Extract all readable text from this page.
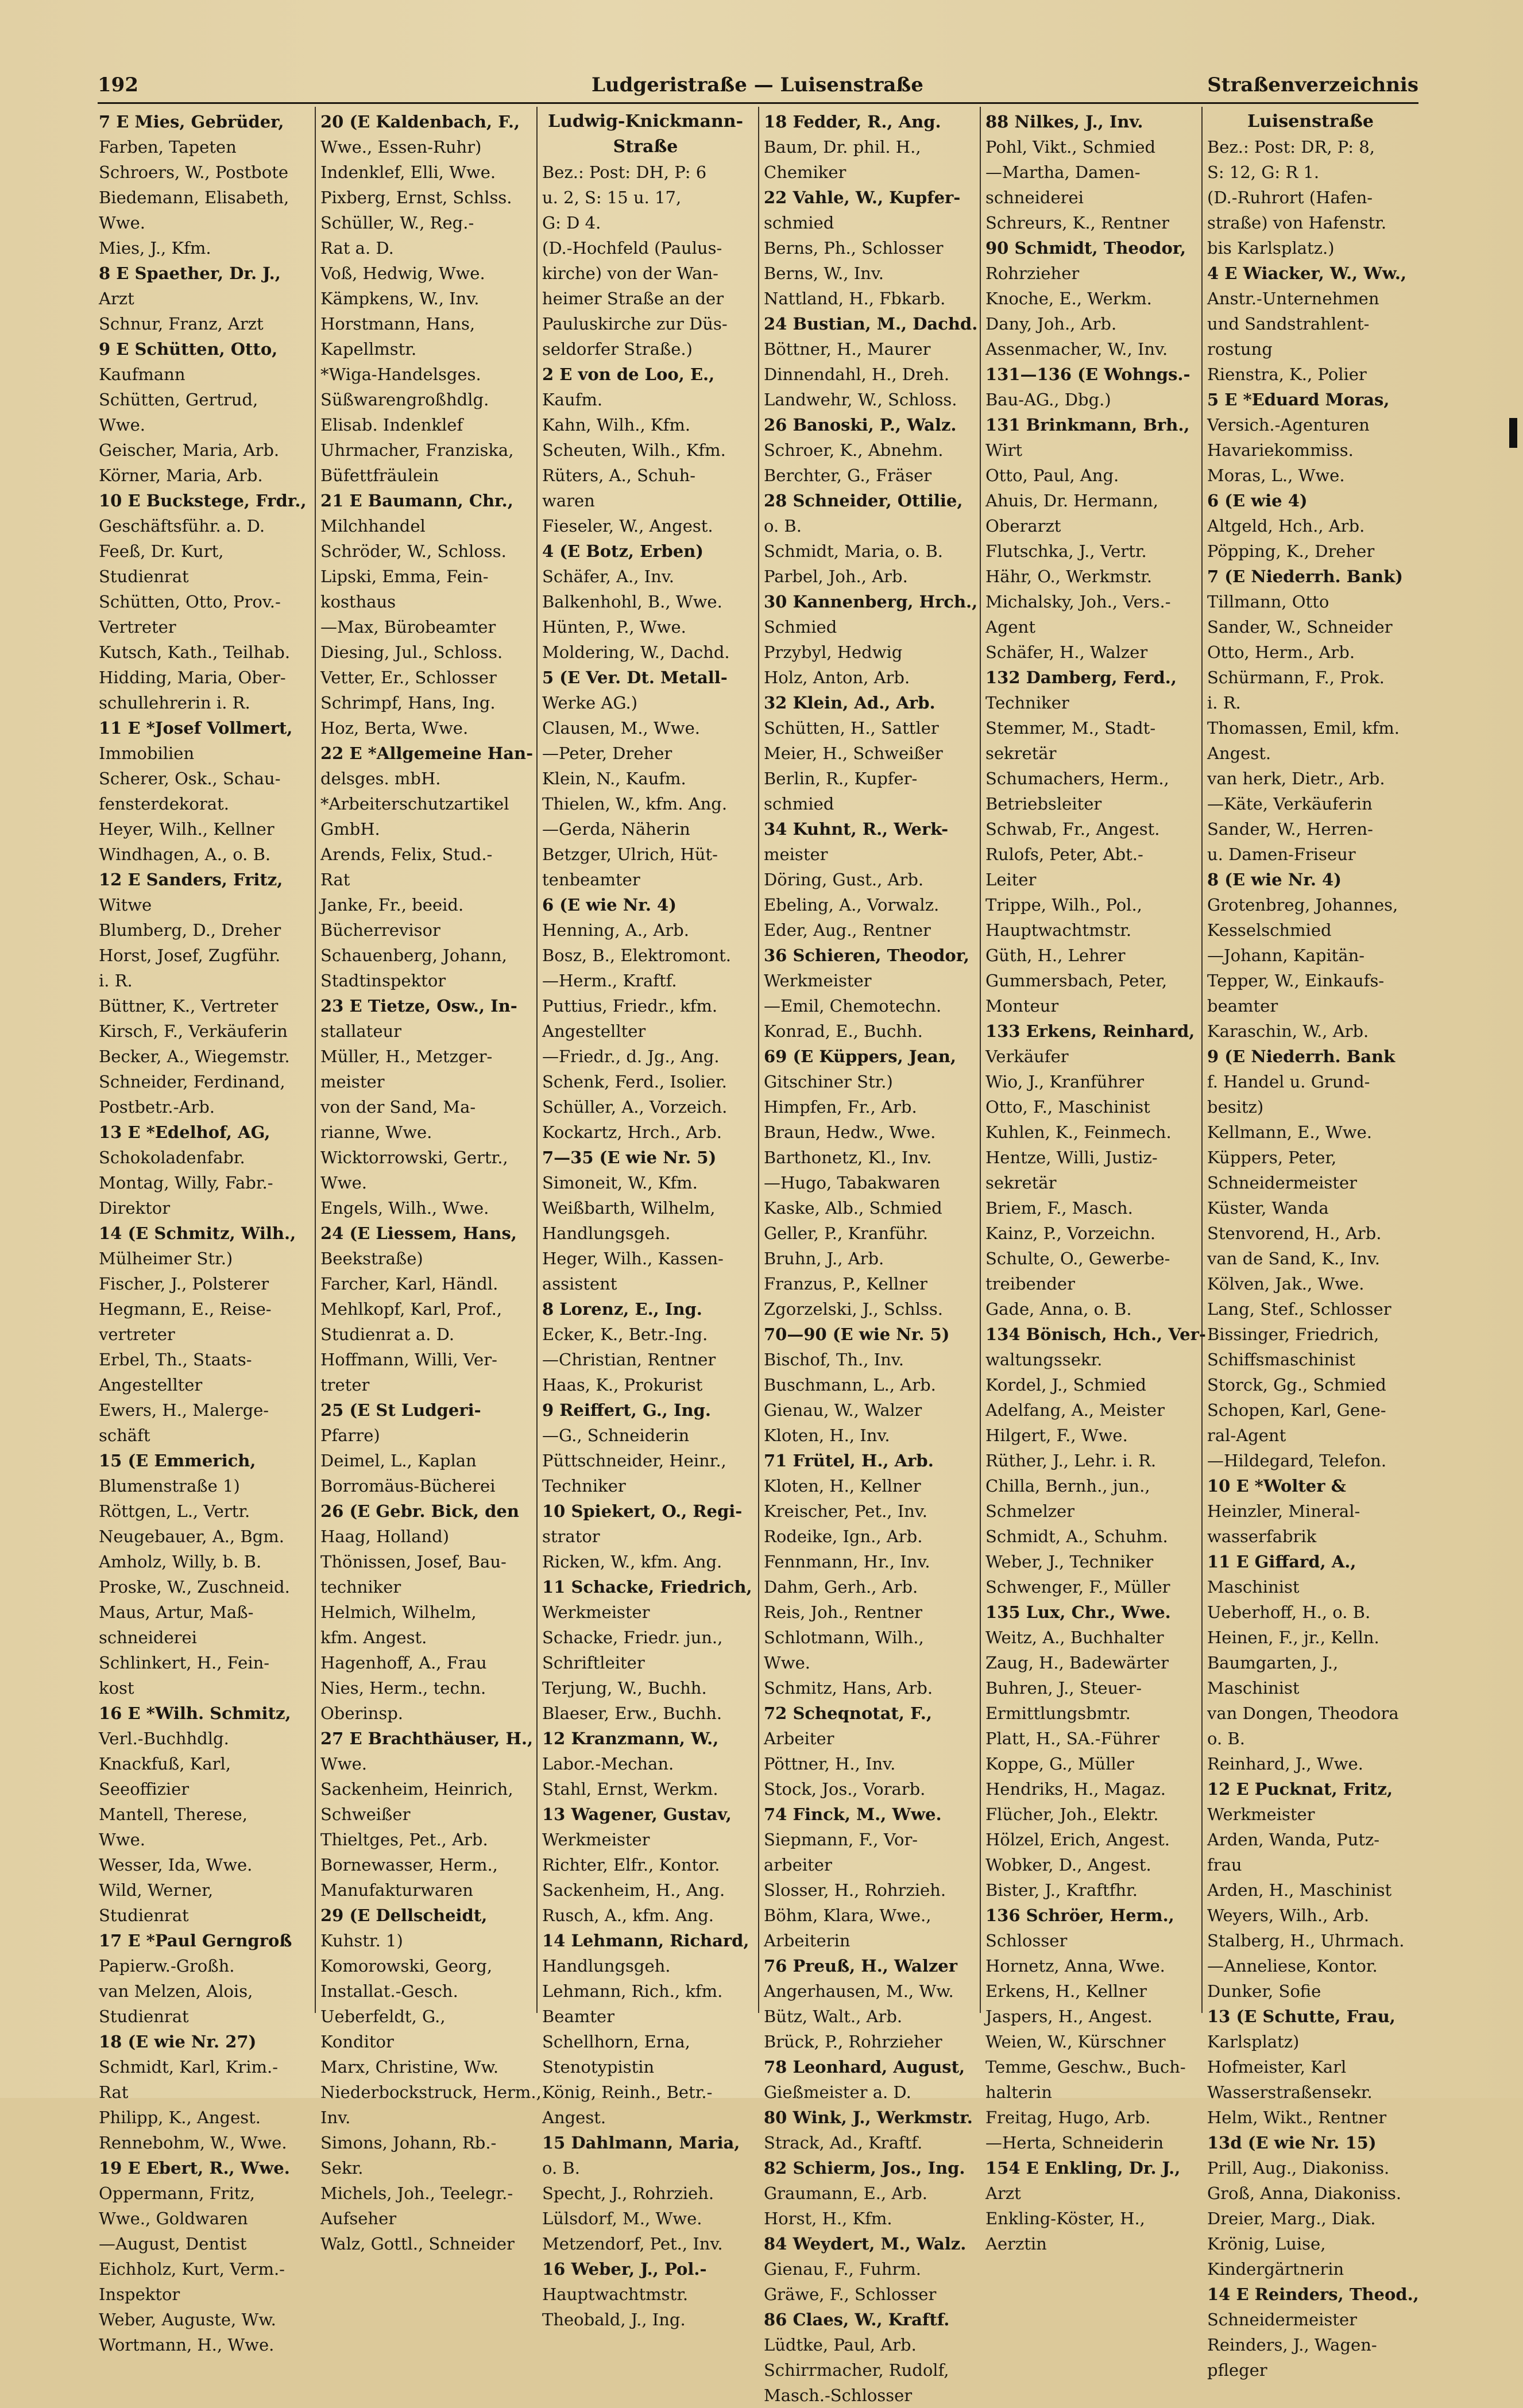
192	Ludgeristraße — Luisenstraße	Straßenverzeichnis
7 E Mies, Gebrüder,
Farben, Tapeten
Schroers, W., Postbote
Biedemann, Elisabeth,
Wwe.
Mies, J., Kfm.
8 E Spaether, Dr. J.,
Arzt
Schnur, Franz, Arzt
9 E Schütten, Otto,
Kaufmann
Schütten, Gertrud,
Wwe.
Geischer, Maria, Arb.
Körner, Maria, Arb.
10 E Buckstege, Frdr.,
Geschäftsführ. a. D.
Feeß, Dr. Kurt,
Studienrat
Schütten, Otto, Prov.-
Vertreter
Kutsch, Kath., Teilhab.
Hidding, Maria, Ober-
schullehrerin i. R.
11 E *Josef Vollmert,
Immobilien
Scherer, Osk., Schau-
fensterdekorat.
Heyer, Wilh., Kellner
Windhagen, A., o. B.
12 E Sanders, Fritz,
Witwe
Blumberg, D., Dreher
Horst, Josef, Zugführ.
i. R.
Büttner, K., Vertreter
Kirsch, F., Verkäuferin
Becker, A., Wiegemstr.
Schneider, Ferdinand,
Postbetr.-Arb.
13 E *Edelhof, AG,
Schokoladenfabr.
Montag, Willy, Fabr.-
Direktor
14 (E Schmitz, Wilh.,
Mülheimer Str.)
Fischer, J., Polsterer
Hegmann, E., Reise-
vertreter
Erbel, Th., Staats-
Angestellter
Ewers, H., Malerge-
schäft
15 (E Emmerich,
Blumenstraße 1)
Röttgen, L., Vertr.
Neugebauer, A., Bgm.
Amholz, Willy, b. B.
Proske, W., Zuschneid.
Maus, Artur, Maß-
schneiderei
Schlinkert, H., Fein-
kost
16 E *Wilh. Schmitz,
Verl.-Buchhdlg.
Knackfuß, Karl,
Seeoffizier
Mantell, Therese,
Wwe.
Wesser, Ida, Wwe.
Wild, Werner,
Studienrat
17 E *Paul Gerngroß
Papierw.-Großh.
van Melzen, Alois,
Studienrat
18 (E wie Nr. 27)
Schmidt, Karl, Krim.-
Rat
Philipp, K., Angest.
Rennebohm, W., Wwe.
19 E Ebert, R., Wwe.
Oppermann, Fritz,
Wwe., Goldwaren
—August, Dentist
Eichholz, Kurt, Verm.-
Inspektor
Weber, Auguste, Ww.
Wortmann, H., Wwe.
20 (E Kaldenbach, F.,
Wwe., Essen-Ruhr)
Indenklef, Elli, Wwe.
Pixberg, Ernst, Schlss.
Schüller, W., Reg.-
Rat a. D.
Voß, Hedwig, Wwe.
Kämpkens, W., Inv.
Horstmann, Hans,
Kapellmstr.
*Wiga-Handelsges.
Süßwarengroßhdlg.
Elisab. Indenklef
Uhrmacher, Franziska,
Büfettfräulein
21 E Baumann, Chr.,
Milchhandel
Schröder, W., Schloss.
Lipski, Emma, Fein-
kosthaus
—Max, Bürobeamter
Diesing, Jul., Schloss.
Vetter, Er., Schlosser
Schrimpf, Hans, Ing.
Hoz, Berta, Wwe.
22 E *Allgemeine Han-
delsges. mbH.
*Arbeiterschutzartikel
GmbH.
Arends, Felix, Stud.-
Rat
Janke, Fr., beeid.
Bücherrevisor
Schauenberg, Johann,
Stadtinspektor
23 E Tietze, Osw., In-
stallateur
Müller, H., Metzger-
meister
von der Sand, Ma-
rianne, Wwe.
Wicktorrowski, Gertr.,
Wwe.
Engels, Wilh., Wwe.
24 (E Liessem, Hans,
Beekstraße)
Farcher, Karl, Händl.
Mehlkopf, Karl, Prof.,
Studienrat a. D.
Hoffmann, Willi, Ver-
treter
25 (E St Ludgeri-
Pfarre)
Deimel, L., Kaplan
Borromäus-Bücherei
26 (E Gebr. Bick, den
Haag, Holland)
Thönissen, Josef, Bau-
techniker
Helmich, Wilhelm,
kfm. Angest.
Hagenhoff, A., Frau
Nies, Herm., techn.
Oberinsp.
27 E Brachthäuser, H.,
Wwe.
Sackenheim, Heinrich,
Schweißer
Thieltges, Pet., Arb.
Bornewasser, Herm.,
Manufakturwaren
29 (E Dellscheidt,
Kuhstr. 1)
Komorowski, Georg,
Installat.-Gesch.
Ueberfeldt, G.,
Konditor
Marx, Christine, Ww.
Niederbockstruck, Herm.,
Inv.
Simons, Johann, Rb.-
Sekr.
Michels, Joh., Teelegr.-
Aufseher
Walz, Gottl., Schneider
Ludwig-Knickmann-
Straße
Bez.: Post: DH, P: 6
u. 2, S: 15 u. 17,
G: D 4.
(D.-Hochfeld (Paulus-
kirche) von der Wan-
heimer Straße an der
Pauluskirche zur Düs-
seldorfer Straße.)
2 E von de Loo, E.,
Kaufm.
Kahn, Wilh., Kfm.
Scheuten, Wilh., Kfm.
Rüters, A., Schuh-
waren
Fieseler, W., Angest.
4 (E Botz, Erben)
Schäfer, A., Inv.
Balkenhohl, B., Wwe.
Hünten, P., Wwe.
Moldering, W., Dachd.
5 (E Ver. Dt. Metall-
Werke AG.)
Clausen, M., Wwe.
—Peter, Dreher
Klein, N., Kaufm.
Thielen, W., kfm. Ang.
—Gerda, Näherin
Betzger, Ulrich, Hüt-
tenbeamter
6 (E wie Nr. 4)
Henning, A., Arb.
Bosz, B., Elektromont.
—Herm., Kraftf.
Puttius, Friedr., kfm.
Angestellter
—Friedr., d. Jg., Ang.
Schenk, Ferd., Isolier.
Schüller, A., Vorzeich.
Kockartz, Hrch., Arb.
7—35 (E wie Nr. 5)
Simoneit, W., Kfm.
Weißbarth, Wilhelm,
Handlungsgeh.
Heger, Wilh., Kassen-
assistent
8 Lorenz, E., Ing.
Ecker, K., Betr.-Ing.
—Christian, Rentner
Haas, K., Prokurist
9 Reiffert, G., Ing.
—G., Schneiderin
Püttschneider, Heinr.,
Techniker
10 Spiekert, O., Regi-
strator
Ricken, W., kfm. Ang.
11 Schacke, Friedrich,
Werkmeister
Schacke, Friedr. jun.,
Schriftleiter
Terjung, W., Buchh.
Blaeser, Erw., Buchh.
12 Kranzmann, W.,
Labor.-Mechan.
Stahl, Ernst, Werkm.
13 Wagener, Gustav,
Werkmeister
Richter, Elfr., Kontor.
Sackenheim, H., Ang.
Rusch, A., kfm. Ang.
14 Lehmann, Richard,
Handlungsgeh.
Lehmann, Rich., kfm.
Beamter
Schellhorn, Erna,
Stenotypistin
König, Reinh., Betr.-
Angest.
15 Dahlmann, Maria,
o. B.
Specht, J., Rohrzieh.
Lülsdorf, M., Wwe.
Metzendorf, Pet., Inv.
16 Weber, J., Pol.-
Hauptwachtmstr.
Theobald, J., Ing.
18 Fedder, R., Ang.
Baum, Dr. phil. H.,
Chemiker
22 Vahle, W., Kupfer-
schmied
Berns, Ph., Schlosser
Berns, W., Inv.
Nattland, H., Fbkarb.
24 Bustian, M., Dachd.
Böttner, H., Maurer
Dinnendahl, H., Dreh.
Landwehr, W., Schloss.
26 Banoski, P., Walz.
Schroer, K., Abnehm.
Berchter, G., Fräser
28 Schneider, Ottilie,
o. B.
Schmidt, Maria, o. B.
Parbel, Joh., Arb.
30 Kannenberg, Hrch.,
Schmied
Przybyl, Hedwig
Holz, Anton, Arb.
32 Klein, Ad., Arb.
Schütten, H., Sattler
Meier, H., Schweißer
Berlin, R., Kupfer-
schmied
34 Kuhnt, R., Werk-
meister
Döring, Gust., Arb.
Ebeling, A., Vorwalz.
Eder, Aug., Rentner
36 Schieren, Theodor,
Werkmeister
—Emil, Chemotechn.
Konrad, E., Buchh.
69 (E Küppers, Jean,
Gitschiner Str.)
Himpfen, Fr., Arb.
Braun, Hedw., Wwe.
Barthonetz, Kl., Inv.
—Hugo, Tabakwaren
Kaske, Alb., Schmied
Geller, P., Kranführ.
Bruhn, J., Arb.
Franzus, P., Kellner
Zgorzelski, J., Schlss.
70—90 (E wie Nr. 5)
Bischof, Th., Inv.
Buschmann, L., Arb.
Gienau, W., Walzer
Kloten, H., Inv.
71 Frütel, H., Arb.
Kloten, H., Kellner
Kreischer, Pet., Inv.
Rodeike, Ign., Arb.
Fennmann, Hr., Inv.
Dahm, Gerh., Arb.
Reis, Joh., Rentner
Schlotmann, Wilh.,
Wwe.
Schmitz, Hans, Arb.
72 Scheqnotat, F.,
Arbeiter
Pöttner, H., Inv.
Stock, Jos., Vorarb.
74 Finck, M., Wwe.
Siepmann, F., Vor-
arbeiter
Slosser, H., Rohrzieh.
Böhm, Klara, Wwe.,
Arbeiterin
76 Preuß, H., Walzer
Angerhausen, M., Ww.
Bütz, Walt., Arb.
Brück, P., Rohrzieher
78 Leonhard, August,
Gießmeister a. D.
80 Wink, J., Werkmstr.
Strack, Ad., Kraftf.
82 Schierm, Jos., Ing.
Graumann, E., Arb.
Horst, H., Kfm.
84 Weydert, M., Walz.
Gienau, F., Fuhrm.
Gräwe, F., Schlosser
86 Claes, W., Kraftf.
Lüdtke, Paul, Arb.
Schirrmacher, Rudolf,
Masch.-Schlosser
88 Nilkes, J., Inv.
Pohl, Vikt., Schmied
—Martha, Damen-
schneiderei
Schreurs, K., Rentner
90 Schmidt, Theodor,
Rohrzieher
Knoche, E., Werkm.
Dany, Joh., Arb.
Assenmacher, W., Inv.
131—136 (E Wohngs.-
Bau-AG., Dbg.)
131 Brinkmann, Brh.,
Wirt
Otto, Paul, Ang.
Ahuis, Dr. Hermann,
Oberarzt
Flutschka, J., Vertr.
Hähr, O., Werkmstr.
Michalsky, Joh., Vers.-
Agent
Schäfer, H., Walzer
132 Damberg, Ferd.,
Techniker
Stemmer, M., Stadt-
sekretär
Schumachers, Herm.,
Betriebsleiter
Schwab, Fr., Angest.
Rulofs, Peter, Abt.-
Leiter
Trippe, Wilh., Pol.,
Hauptwachtmstr.
Güth, H., Lehrer
Gummersbach, Peter,
Monteur
133 Erkens, Reinhard,
Verkäufer
Wio, J., Kranführer
Otto, F., Maschinist
Kuhlen, K., Feinmech.
Hentze, Willi, Justiz-
sekretär
Briem, F., Masch.
Kainz, P., Vorzeichn.
Schulte, O., Gewerbe-
treibender
Gade, Anna, o. B.
134 Bönisch, Hch., Ver-
waltungssekr.
Kordel, J., Schmied
Adelfang, A., Meister
Hilgert, F., Wwe.
Rüther, J., Lehr. i. R.
Chilla, Bernh., jun.,
Schmelzer
Schmidt, A., Schuhm.
Weber, J., Techniker
Schwenger, F., Müller
135 Lux, Chr., Wwe.
Weitz, A., Buchhalter
Zaug, H., Badewärter
Buhren, J., Steuer-
Ermittlungsbmtr.
Platt, H., SA.-Führer
Koppe, G., Müller
Hendriks, H., Magaz.
Flücher, Joh., Elektr.
Hölzel, Erich, Angest.
Wobker, D., Angest.
Bister, J., Kraftfhr.
136 Schröer, Herm.,
Schlosser
Hornetz, Anna, Wwe.
Erkens, H., Kellner
Jaspers, H., Angest.
Weien, W., Kürschner
Temme, Geschw., Buch-
halterin
Freitag, Hugo, Arb.
—Herta, Schneiderin
154 E Enkling, Dr. J.,
Arzt
Enkling-Köster, H.,
Aerztin
Luisenstraße
Bez.: Post: DR, P: 8,
S: 12, G: R 1.
(D.-Ruhrort (Hafen-
straße) von Hafenstr.
bis Karlsplatz.)
4 E Wiacker, W., Ww.,
Anstr.-Unternehmen
und Sandstrahlent-
rostung
Rienstra, K., Polier
5 E *Eduard Moras,
Versich.-Agenturen
Havariekommiss.
Moras, L., Wwe.
6 (E wie 4)
Altgeld, Hch., Arb.
Pöpping, K., Dreher
7 (E Niederrh. Bank)
Tillmann, Otto
Sander, W., Schneider
Otto, Herm., Arb.
Schürmann, F., Prok.
i. R.
Thomassen, Emil, kfm.
Angest.
van herk, Dietr., Arb.
—Käte, Verkäuferin
Sander, W., Herren-
u. Damen-Friseur
8 (E wie Nr. 4)
Grotenbreg, Johannes,
Kesselschmied
—Johann, Kapitän-
Tepper, W., Einkaufs-
beamter
Karaschin, W., Arb.
9 (E Niederrh. Bank
f. Handel u. Grund-
besitz)
Kellmann, E., Wwe.
Küppers, Peter,
Schneidermeister
Küster, Wanda
Stenvorend, H., Arb.
van de Sand, K., Inv.
Kölven, Jak., Wwe.
Lang, Stef., Schlosser
Bissinger, Friedrich,
Schiffsmaschinist
Storck, Gg., Schmied
Schopen, Karl, Gene-
ral-Agent
—Hildegard, Telefon.
10 E *Wolter &
Heinzler, Mineral-
wasserfabrik
11 E Giffard, A.,
Maschinist
Ueberhoff, H., o. B.
Heinen, F., jr., Kelln.
Baumgarten, J.,
Maschinist
van Dongen, Theodora
o. B.
Reinhard, J., Wwe.
12 E Pucknat, Fritz,
Werkmeister
Arden, Wanda, Putz-
frau
Arden, H., Maschinist
Weyers, Wilh., Arb.
Stalberg, H., Uhrmach.
—Anneliese, Kontor.
Dunker, Sofie
13 (E Schutte, Frau,
Karlsplatz)
Hofmeister, Karl
Wasserstraßensekr.
Helm, Wikt., Rentner
13d (E wie Nr. 15)
Prill, Aug., Diakoniss.
Groß, Anna, Diakoniss.
Dreier, Marg., Diak.
Krönig, Luise,
Kindergärtnerin
14 E Reinders, Theod.,
Schneidermeister
Reinders, J., Wagen-
pfleger
